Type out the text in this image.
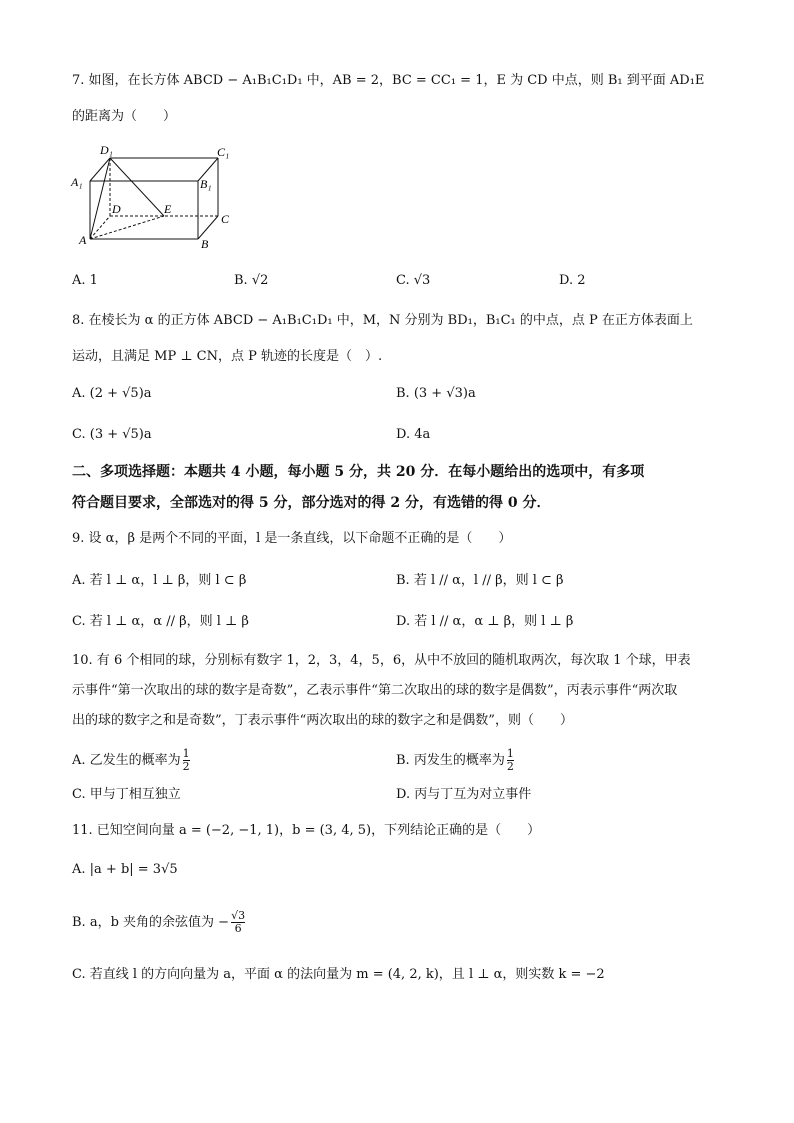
7. 如图，在长方体 ABCD − A₁B₁C₁D₁ 中，AB = 2，BC = CC₁ = 1，E 为 CD 中点，则 B₁ 到平面 AD₁E
的距离为（　　）
D₁	C₁
A₁	B₁
D	E
C
A	B
A. 1	B. √2	C. √3	D. 2
8. 在棱长为 α 的正方体 ABCD − A₁B₁C₁D₁ 中，M，N 分别为 BD₁，B₁C₁ 的中点，点 P 在正方体表面上
运动，且满足 MP ⊥ CN，点 P 轨迹的长度是（　）.
A. (2 + √5)a	B. (3 + √3)a
C. (3 + √5)a	D. 4a
二、多项选择题：本题共 4 小题，每小题 5 分，共 20 分．在每小题给出的选项中，有多项
符合题目要求，全部选对的得 5 分，部分选对的得 2 分，有选错的得 0 分．
9. 设 α，β 是两个不同的平面，l 是一条直线，以下命题不正确的是（　　）
A. 若 l ⊥ α，l ⊥ β，则 l ⊂ β	B. 若 l // α，l // β，则 l ⊂ β
C. 若 l ⊥ α，α // β，则 l ⊥ β	D. 若 l // α，α ⊥ β，则 l ⊥ β
10. 有 6 个相同的球，分别标有数字 1，2，3，4，5，6，从中不放回的随机取两次，每次取 1 个球，甲表
示事件“第一次取出的球的数字是奇数”，乙表示事件“第二次取出的球的数字是偶数”，丙表示事件“两次取
出的球的数字之和是奇数”，丁表示事件“两次取出的球的数字之和是偶数”，则（　　）
A. 乙发生的概率为 $\frac{1}{2}$	B. 丙发生的概率为 $\frac{1}{2}$
C. 甲与丁相互独立	D. 丙与丁互为对立事件
11. 已知空间向量 a = (−2, −1, 1)，b = (3, 4, 5)，下列结论正确的是（　　）
A. |a + b| = 3√5
B. a，b 夹角的余弦值为 − $\frac{√3}{6}$
C. 若直线 l 的方向向量为 a，平面 α 的法向量为 m = (4, 2, k)，且 l ⊥ α，则实数 k = −2
